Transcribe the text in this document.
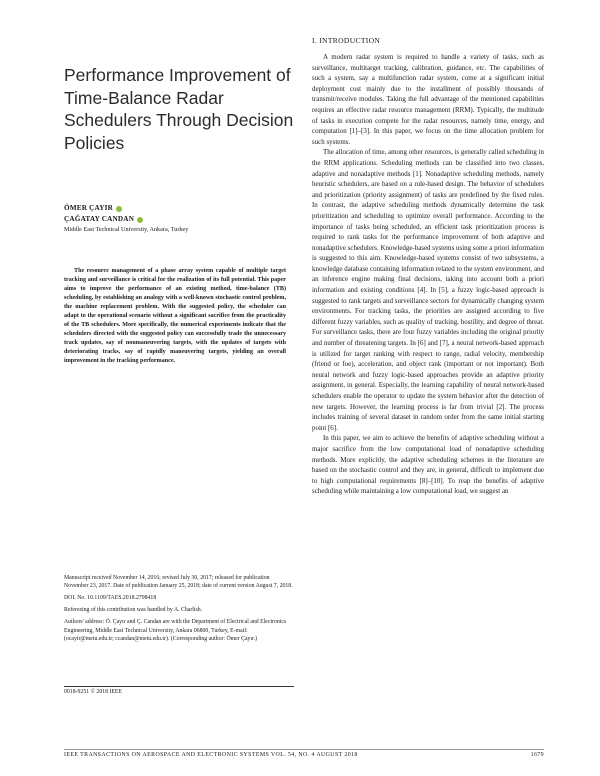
Performance Improvement of Time-Balance Radar Schedulers Through Decision Policies
ÖMER ÇAYIR
ÇAĞATAY CANDAN
Middle East Technical University, Ankara, Turkey

The resource management of a phase array system capable of multiple target tracking and surveillance is critical for the realization of its full potential. This paper aims to improve the performance of an existing method, time-balance (TB) scheduling, by establishing an analogy with a well-known stochastic control problem, the machine replacement problem. With the suggested policy, the scheduler can adapt to the operational scenario without a significant sacrifice from the practicality of the TB schedulers. More specifically, the numerical experiments indicate that the schedulers directed with the suggested policy can successfully trade the unnecessary track updates, say of nonmaneuvering targets, with the updates of targets with deteriorating tracks, say of rapidly maneuvering targets, yielding an overall improvement in the tracking performance.

Manuscript received November 14, 2016; revised July 30, 2017; released for publication November 23, 2017. Date of publication January 25, 2018; date of current version August 7, 2018.

DOI. No. 10.1109/TAES.2018.2798418

Refereeing of this contribution was handled by A. Charlish.

Authors' address: Ö. Çayır and Ç. Candan are with the Department of Electrical and Electronics Engineering, Middle East Technical University, Ankara 06800, Turkey, E-mail: (ocayir@metu.edu.tr; ccandan@metu.edu.tr). (Corresponding author: Ömer Çayır.)

0018-9251 © 2018 IEEE
I. INTRODUCTION

A modern radar system is required to handle a variety of tasks, such as surveillance, multitarget tracking, calibration, guidance, etc. The capabilities of such a system, say a multifunction radar system, come at a significant initial deployment cost mainly due to the installment of possibly thousands of transmit/receive modules. Taking the full advantage of the mentioned capabilities requires an effective radar resource management (RRM). Typically, the multitude of tasks in execution compete for the radar resources, namely time, energy, and computation [1]–[3]. In this paper, we focus on the time allocation problem for such systems.

The allocation of time, among other resources, is generally called scheduling in the RRM applications. Scheduling methods can be classified into two classes, adaptive and nonadaptive methods [1]. Nonadaptive scheduling methods, namely heuristic schedulers, are based on a rule-based design. The behavior of schedulers and prioritization (priority assignment) of tasks are predefined by the fixed rules. In contrast, the adaptive scheduling methods dynamically determine the task prioritization and scheduling to optimize overall performance. According to the importance of tasks being scheduled, an efficient task prioritization process is required to rank tasks for the performance improvement of both adaptive and nonadaptive schedulers. Knowledge-based systems using some a priori information is suggested to this aim. Knowledge-based systems consist of two subsystems, a knowledge database containing information related to the system environment, and an inference engine making final decisions, taking into account both a priori information and existing conditions [4]. In [5], a fuzzy logic-based approach is suggested to rank targets and surveillance sectors for dynamically changing system environments. For tracking tasks, the priorities are assigned according to five different fuzzy variables, such as quality of tracking, hostility, and degree of threat. For surveillance tasks, there are four fuzzy variables including the original priority and number of threatening targets. In [6] and [7], a neural network-based approach is utilized for target ranking with respect to range, radial velocity, membership (friend or foe), acceleration, and object rank (important or not important). Both neural network and fuzzy logic-based approaches provide an adaptive priority assignment, in general. Especially, the learning capability of neural network-based schedulers enable the operator to update the system behavior after the detection of new targets. However, the learning process is far from trivial [2]. The process includes training of several dataset in random order from the same initial starting point [6].

In this paper, we aim to achieve the benefits of adaptive scheduling without a major sacrifice from the low computational load of nonadaptive scheduling methods. More explicitly, the adaptive scheduling schemes in the literature are based on the stochastic control and they are, in general, difficult to implement due to high computational requirements [8]–[10]. To reap the benefits of adaptive scheduling while maintaining a low computational load, we suggest an

IEEE TRANSACTIONS ON AEROSPACE AND ELECTRONIC SYSTEMS VOL. 54, NO. 4 AUGUST 2018	1679
